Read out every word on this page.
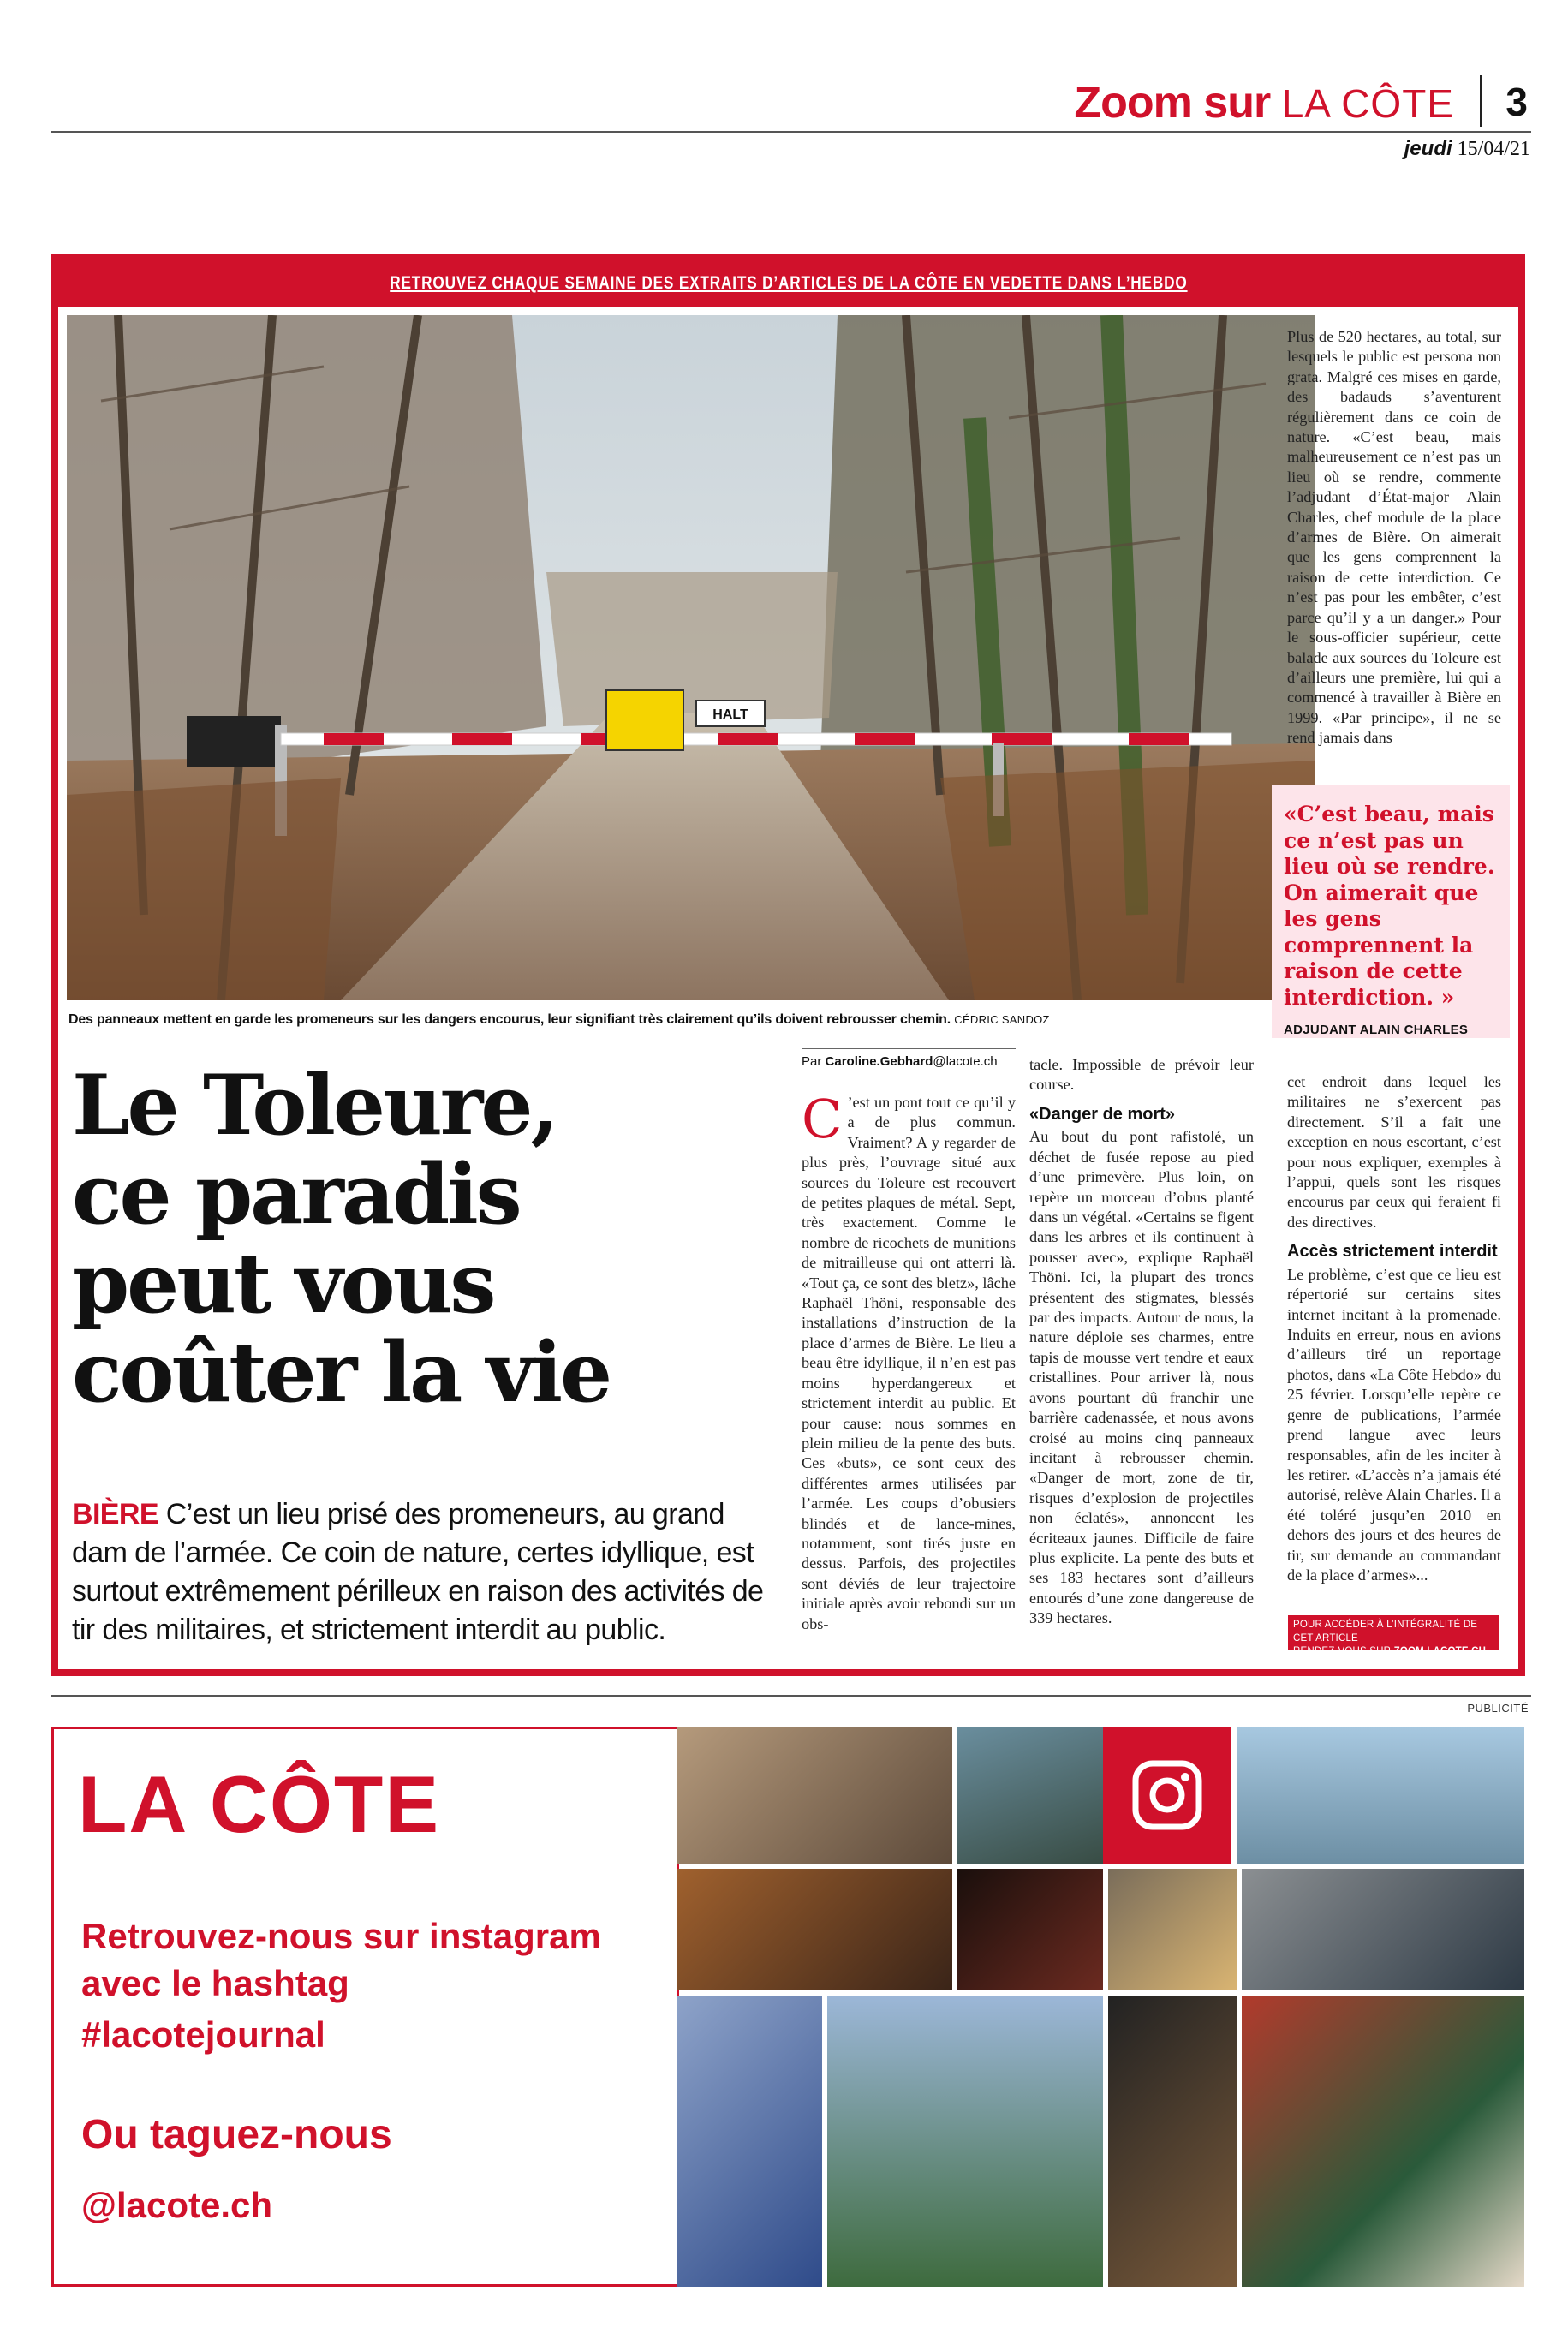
Zoom sur LA CÔTE 3
jeudi 15/04/21
RETROUVEZ CHAQUE SEMAINE DES EXTRAITS D’ARTICLES DE LA CÔTE EN VEDETTE DANS L’HEBDO
HALT
Des panneaux mettent en garde les promeneurs sur les dangers encourus, leur signifiant très clairement qu’ils doivent rebrousser chemin. CÉDRIC SANDOZ
Plus de 520 hectares, au total, sur lesquels le public est persona non grata. Malgré ces mises en garde, des badauds s’aventurent régulièrement dans ce coin de nature. «C’est beau, mais malheureusement ce n’est pas un lieu où se rendre, commente l’adjudant d’État-major Alain Charles, chef module de la place d’armes de Bière. On aimerait que les gens comprennent la raison de cette interdiction. Ce n’est pas pour les embêter, c’est parce qu’il y a un danger.» Pour le sous-officier supérieur, cette balade aux sources du Toleure est d’ailleurs une première, lui qui a commencé à travailler à Bière en 1999. «Par principe», il ne se rend jamais dans
«C’est beau, mais ce n’est pas un lieu où se rendre. On aimerait que les gens comprennent la raison de cette interdiction. »
ADJUDANT ALAIN CHARLES
Le Toleure, ce paradis peut vous coûter la vie
BIÈRE C’est un lieu prisé des promeneurs, au grand dam de l’armée. Ce coin de nature, certes idyllique, est surtout extrêmement périlleux en raison des activités de tir des militaires, et strictement interdit au public.
Par Caroline.Gebhard@lacote.ch
C ’est un pont tout ce qu’il y a de plus commun. Vraiment? A y regarder de plus près, l’ouvrage situé aux sources du Toleure est recouvert de petites plaques de métal. Sept, très exactement. Comme le nombre de ricochets de munitions de mitrailleuse qui ont atterri là. «Tout ça, ce sont des bletz», lâche Raphaël Thöni, responsable des installations d’instruction de la place d’armes de Bière. Le lieu a beau être idyllique, il n’en est pas moins hyperdangereux et strictement interdit au public. Et pour cause: nous sommes en plein milieu de la pente des buts. Ces «buts», ce sont ceux des différentes armes utilisées par l’armée. Les coups d’obusiers blindés et de lance-mines, notamment, sont tirés juste en dessus. Parfois, des projectiles sont déviés de leur trajectoire initiale après avoir rebondi sur un obs-
tacle. Impossible de prévoir leur course.
«Danger de mort»
Au bout du pont rafistolé, un déchet de fusée repose au pied d’une primevère. Plus loin, on repère un morceau d’obus planté dans un végétal. «Certains se figent dans les arbres et ils continuent à pousser avec», explique Raphaël Thöni. Ici, la plupart des troncs présentent des stigmates, blessés par des impacts. Autour de nous, la nature déploie ses charmes, entre tapis de mousse vert tendre et eaux cristallines. Pour arriver là, nous avons pourtant dû franchir une barrière cadenassée, et nous avons croisé au moins cinq panneaux incitant à rebrousser chemin. «Danger de mort, zone de tir, risques d’explosion de projectiles non éclatés», annoncent les écriteaux jaunes. Difficile de faire plus explicite. La pente des buts et ses 183 hectares sont d’ailleurs entourés d’une zone dangereuse de 339 hectares.
cet endroit dans lequel les militaires ne s’exercent pas directement. S’il a fait une exception en nous escortant, c’est pour nous expliquer, exemples à l’appui, quels sont les risques encourus par ceux qui feraient fi des directives.
Accès strictement interdit
Le problème, c’est que ce lieu est répertorié sur certains sites internet incitant à la promenade. Induits en erreur, nous en avions d’ailleurs tiré un reportage photos, dans «La Côte Hebdo» du 25 février. Lorsqu’elle repère ce genre de publications, l’armée prend langue avec leurs responsables, afin de les inciter à les retirer. «L’accès n’a jamais été autorisé, relève Alain Charles. Il a été toléré jusqu’en 2010 en dehors des jours et des heures de tir, sur demande au commandant de la place d’armes»...
POUR ACCÉDER À L’INTÉGRALITÉ DE CET ARTICLE
RENDEZ-VOUS SUR ZOOM.LACOTE.CH
PUBLICITÉ
LA CÔTE
Retrouvez-nous sur instagram avec le hashtag
#lacotejournal
Ou taguez-nous
@lacote.ch
